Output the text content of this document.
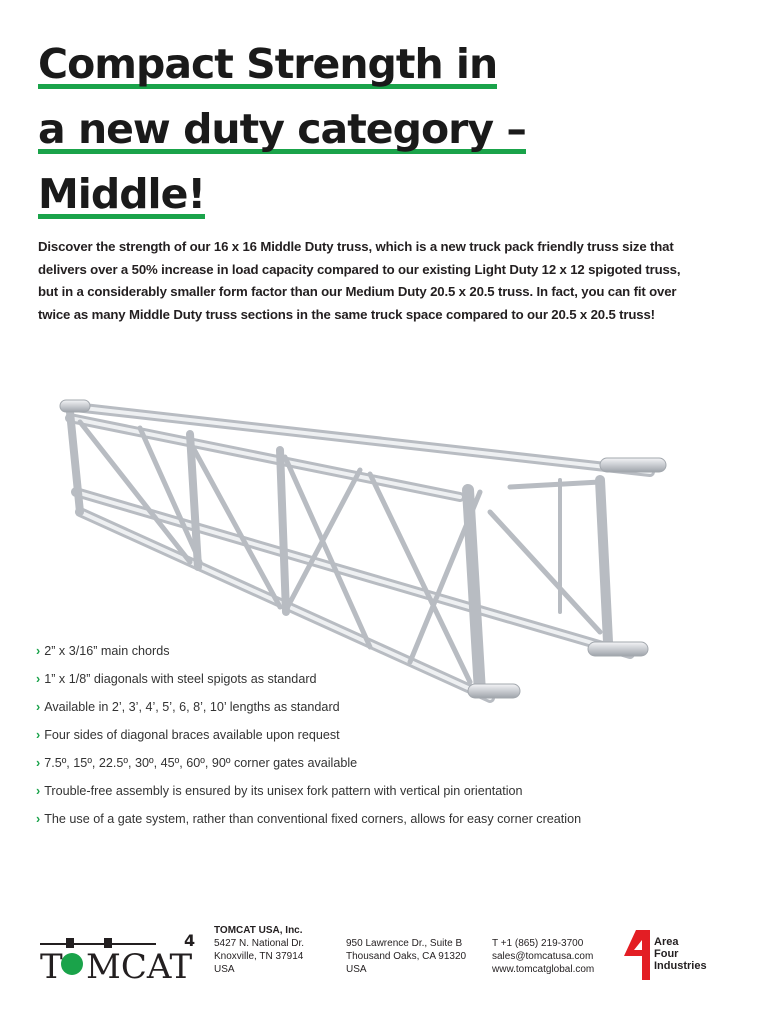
Compact Strength in
a new duty category –
Middle!

Discover the strength of our 16 x 16 Middle Duty truss, which is a new truck pack friendly truss size that delivers over a 50% increase in load capacity compared to our existing Light Duty 12 x 12 spigoted truss, but in a considerably smaller form factor than our Medium Duty 20.5 x 20.5 truss. In fact, you can fit over twice as many Middle Duty truss sections in the same truck space compared to our 20.5 x 20.5 truss!

› 2” x 3/16” main chords
› 1” x 1/8” diagonals with steel spigots as standard
› Available in 2’, 3’, 4’, 5’, 6, 8’, 10’ lengths as standard
› Four sides of diagonal braces available upon request
› 7.5º, 15º, 22.5º, 30º, 45º, 60º, 90º corner gates available
› Trouble-free assembly is ensured by its unisex fork pattern with vertical pin orientation
› The use of a gate system, rather than conventional fixed corners, allows for easy corner creation
T MCAT
4
TOMCAT USA, Inc.
5427 N. National Dr.
Knoxville, TN 37914
USA
950 Lawrence Dr., Suite B
Thousand Oaks, CA 91320
USA
T +1 (865) 219-3700
sales@tomcatusa.com
www.tomcatglobal.com
Area
Four
Industries
